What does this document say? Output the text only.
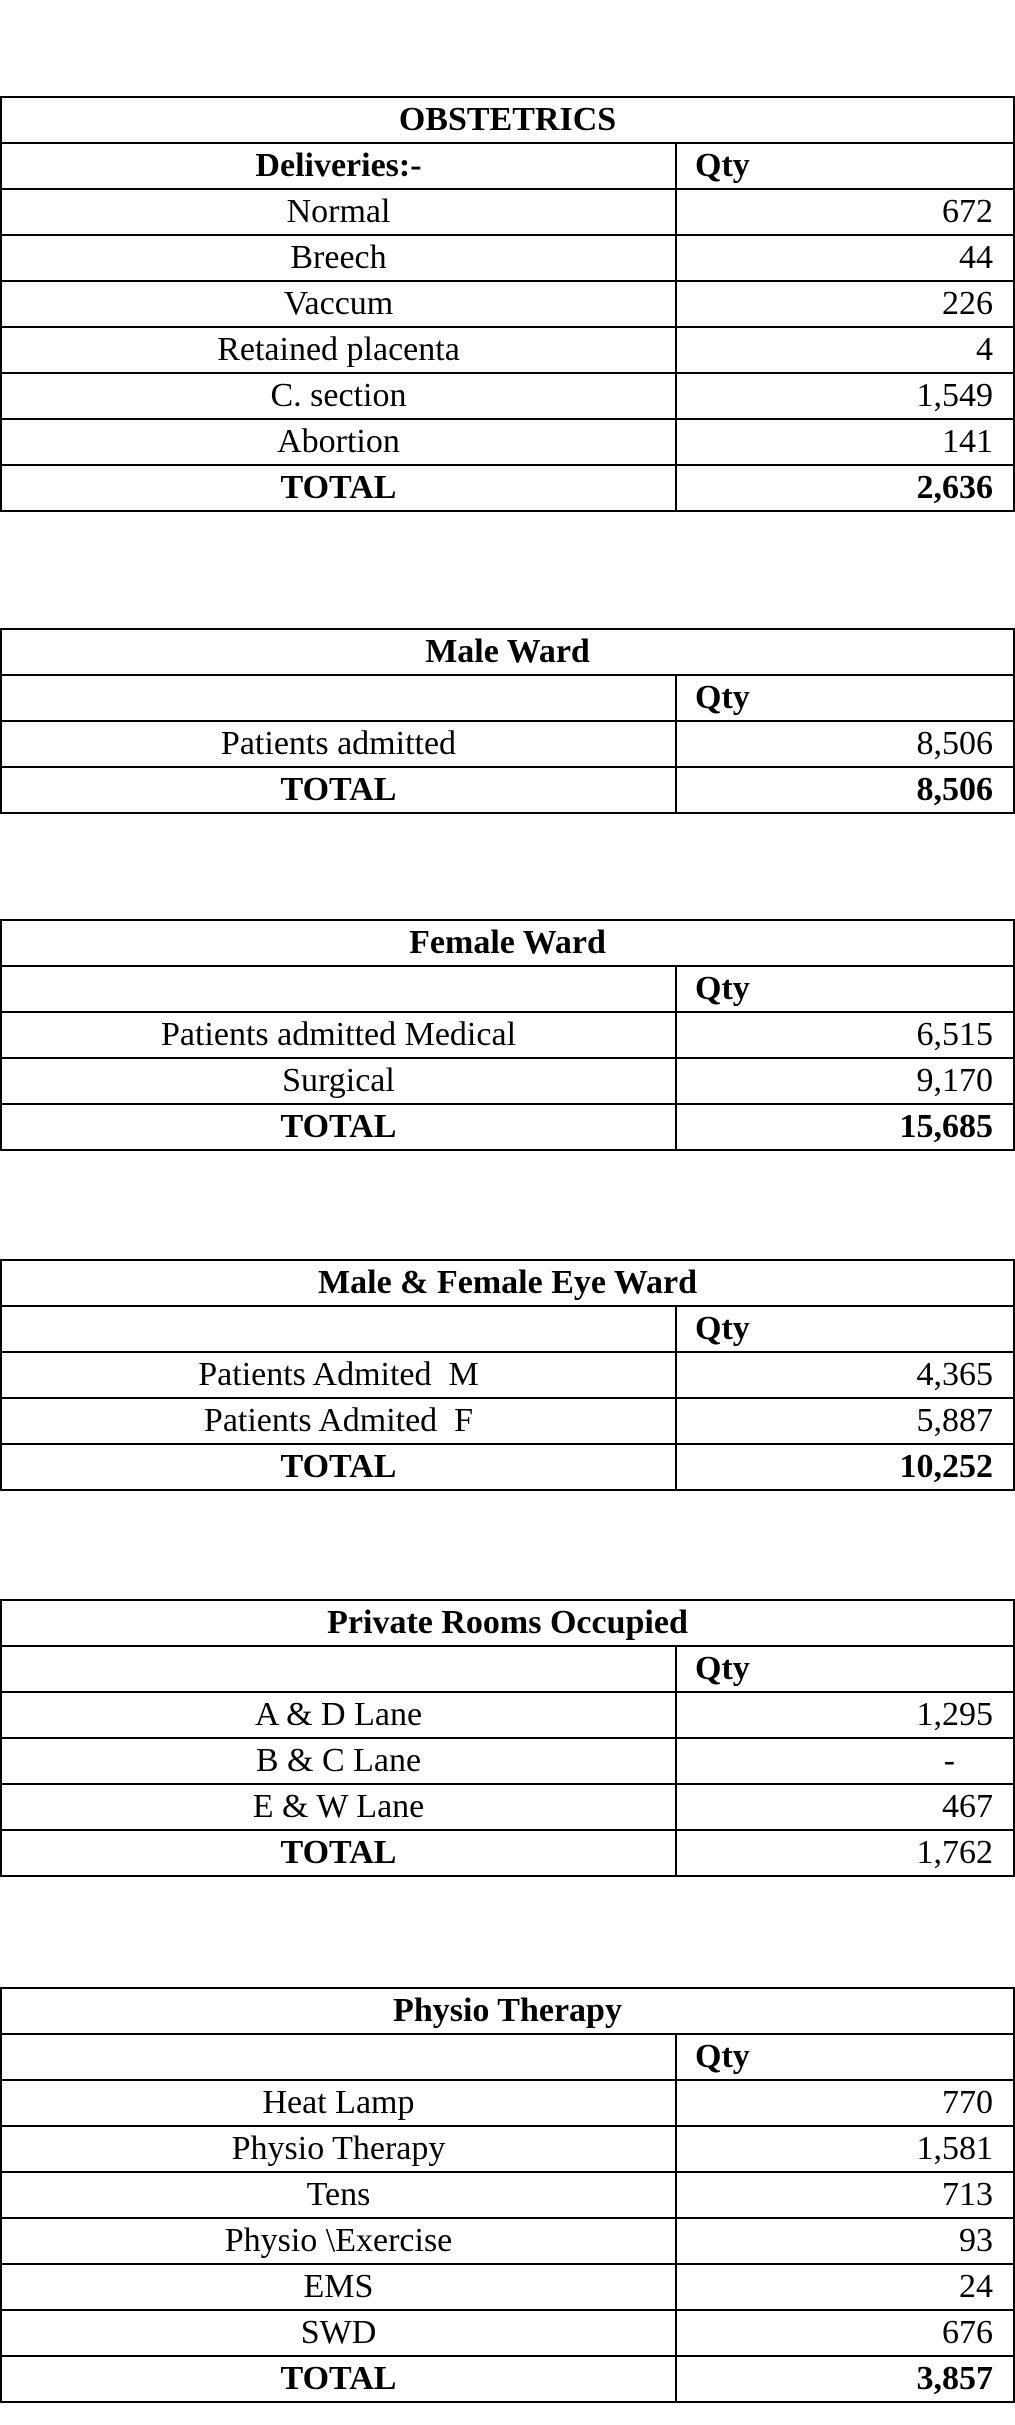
OBSTETRICS	
Deliveries:-	Qty
Normal	672
Breech	44
Vaccum	226
Retained placenta	4
C. section	1,549
Abortion	141
TOTAL	2,636
Male Ward	
	Qty
Patients admitted	8,506
TOTAL	8,506
Female Ward	
	Qty
Patients admitted Medical	6,515
Surgical	9,170
TOTAL	15,685
Male & Female Eye Ward	
	Qty
Patients Admited  M	4,365
Patients Admited  F	5,887
TOTAL	10,252
Private Rooms Occupied	
	Qty
A & D Lane	1,295
B & C Lane	-
E & W Lane	467
TOTAL	1,762
Physio Therapy	
	Qty
Heat Lamp	770
Physio Therapy	1,581
Tens	713
Physio \Exercise	93
EMS	24
SWD	676
TOTAL	3,857
